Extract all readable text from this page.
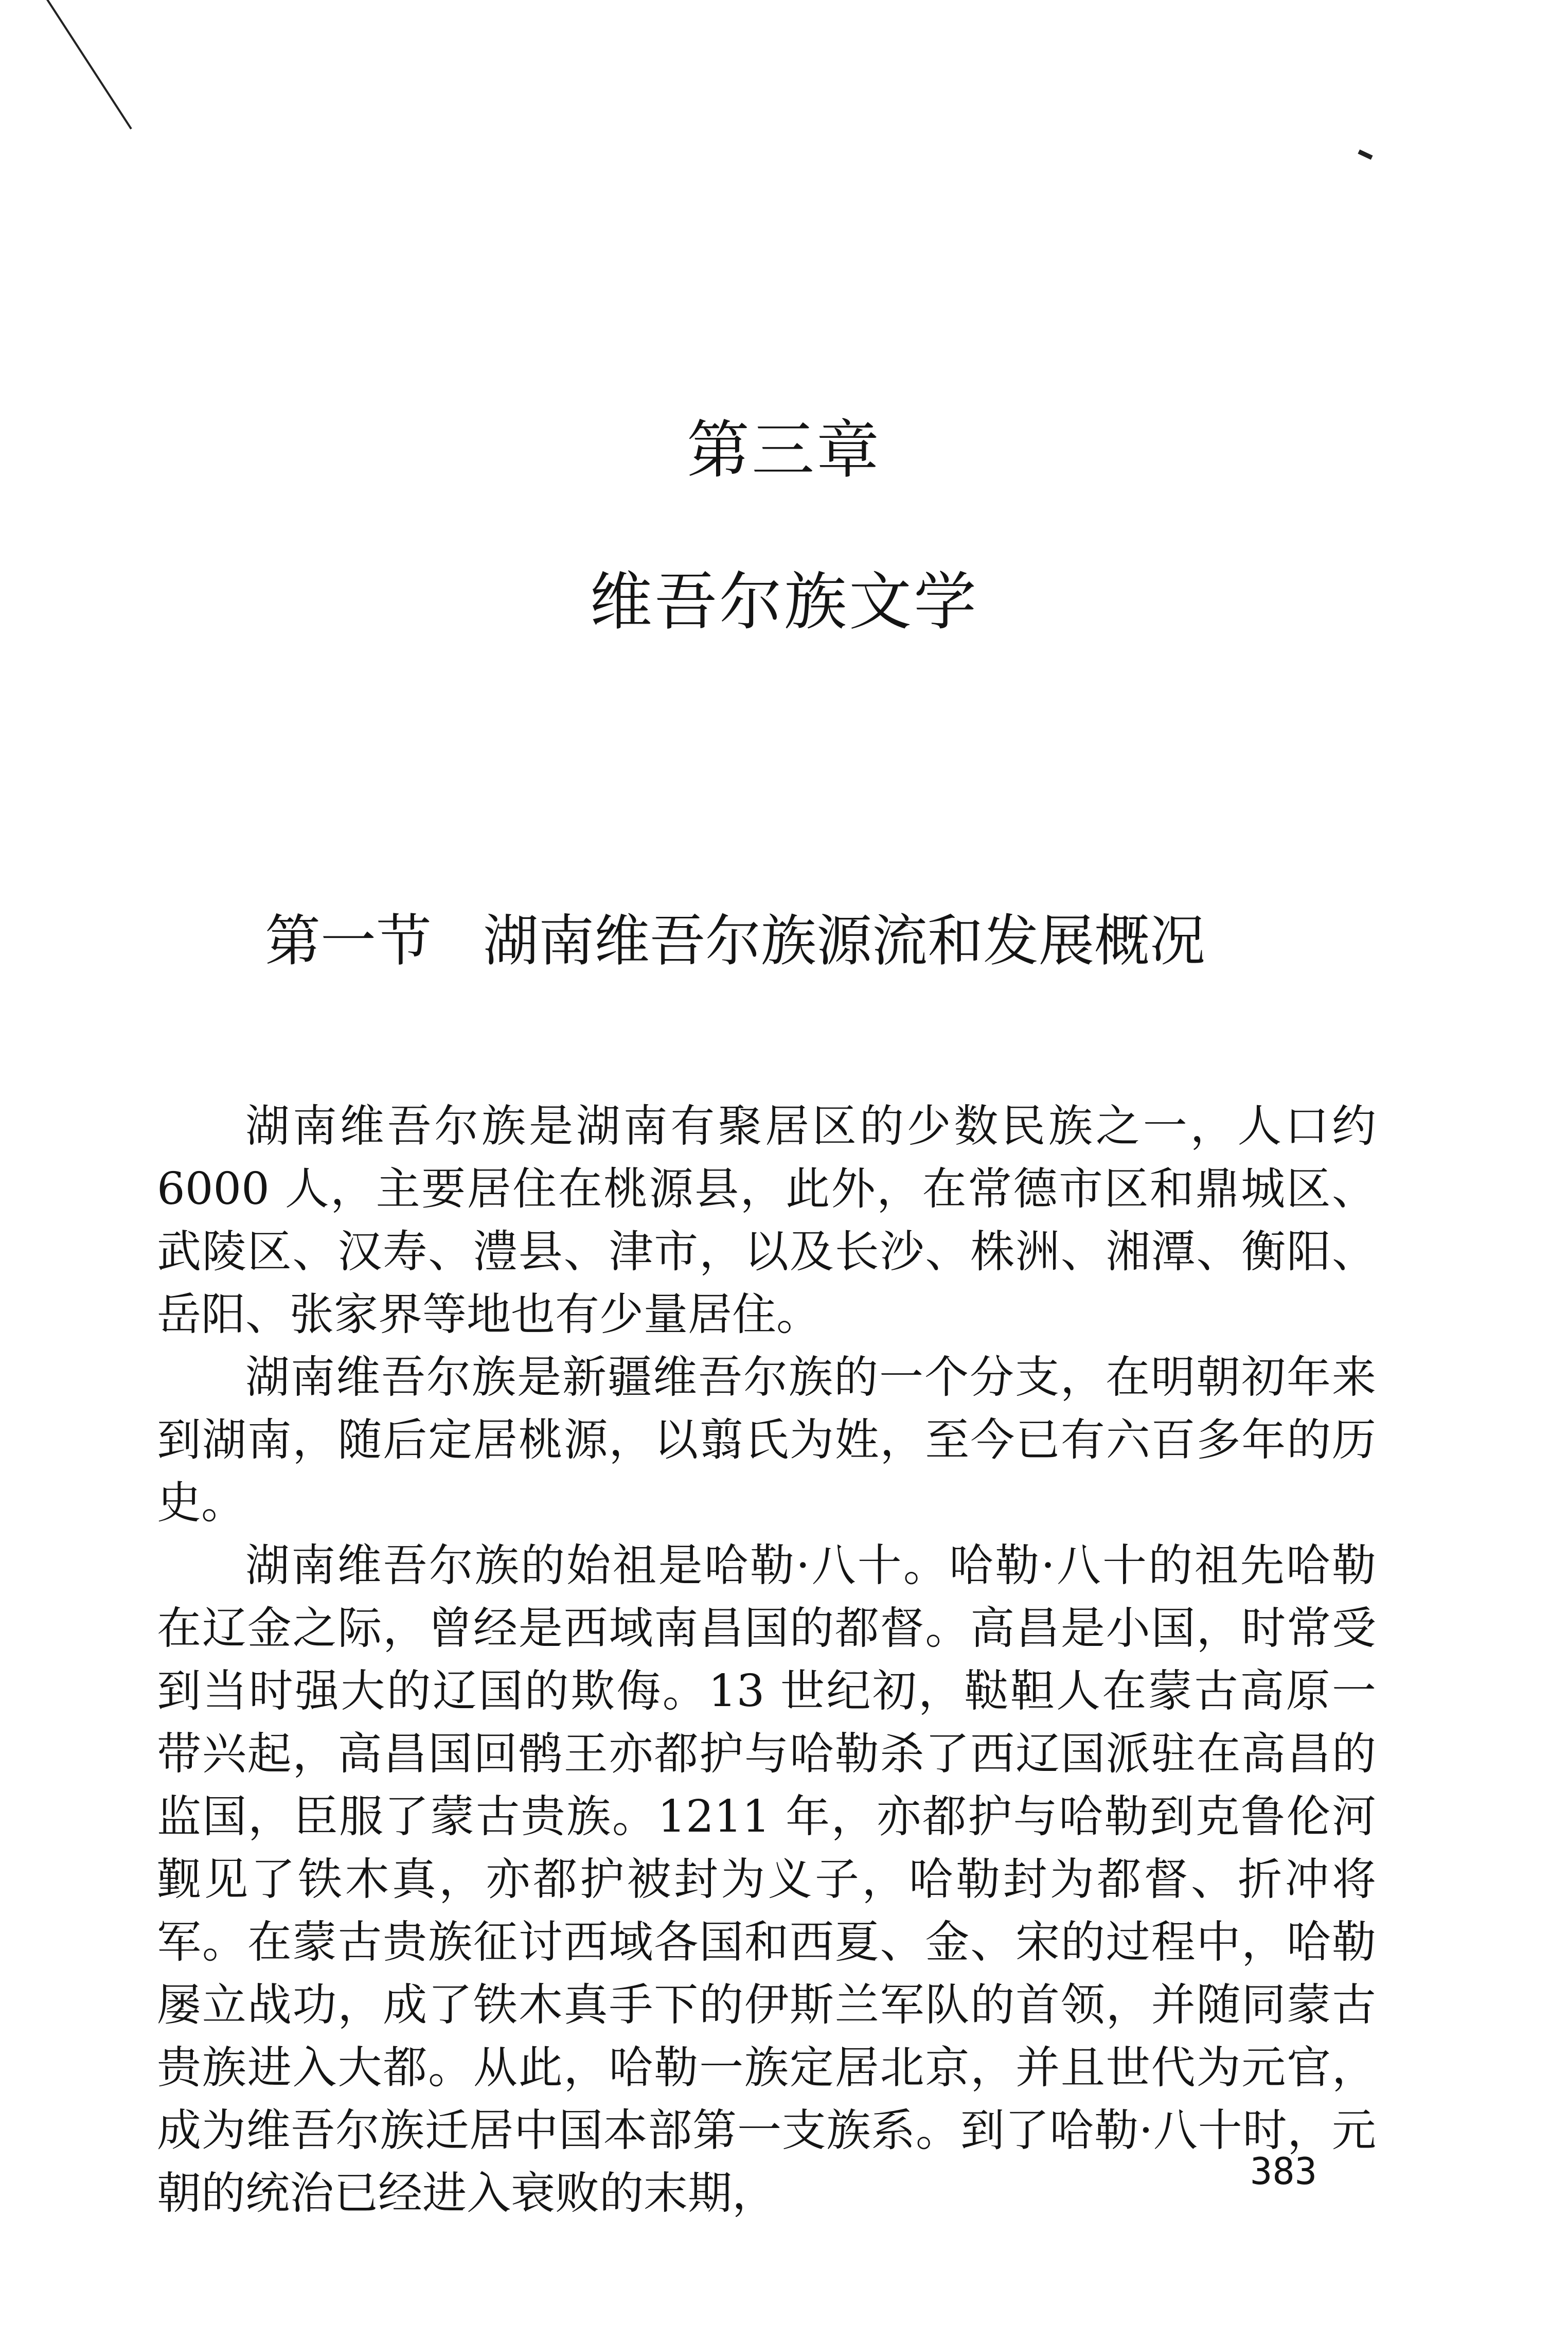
第三章
维吾尔族文学
第一节 湖南维吾尔族源流和发展概况

湖南维吾尔族是湖南有聚居区的少数民族之一，人口约 6000 人，主要居住在桃源县，此外，在常德市区和鼎城区、武陵区、汉寿、澧县、津市，以及长沙、株洲、湘潭、衡阳、岳阳、张家界等地也有少量居住。

湖南维吾尔族是新疆维吾尔族的一个分支，在明朝初年来到湖南，随后定居桃源，以翦氏为姓，至今已有六百多年的历史。

湖南维吾尔族的始祖是哈勒·八十。哈勒·八十的祖先哈勒在辽金之际，曾经是西域南昌国的都督。高昌是小国，时常受到当时强大的辽国的欺侮。13 世纪初，鞑靼人在蒙古高原一带兴起，高昌国回鹘王亦都护与哈勒杀了西辽国派驻在高昌的监国，臣服了蒙古贵族。1211 年，亦都护与哈勒到克鲁伦河觐见了铁木真，亦都护被封为义子，哈勒封为都督、折冲将军。在蒙古贵族征讨西域各国和西夏、金、宋的过程中，哈勒屡立战功，成了铁木真手下的伊斯兰军队的首领，并随同蒙古贵族进入大都。从此，哈勒一族定居北京，并且世代为元官，成为维吾尔族迁居中国本部第一支族系。到了哈勒·八十时，元朝的统治已经进入衰败的末期，	383
